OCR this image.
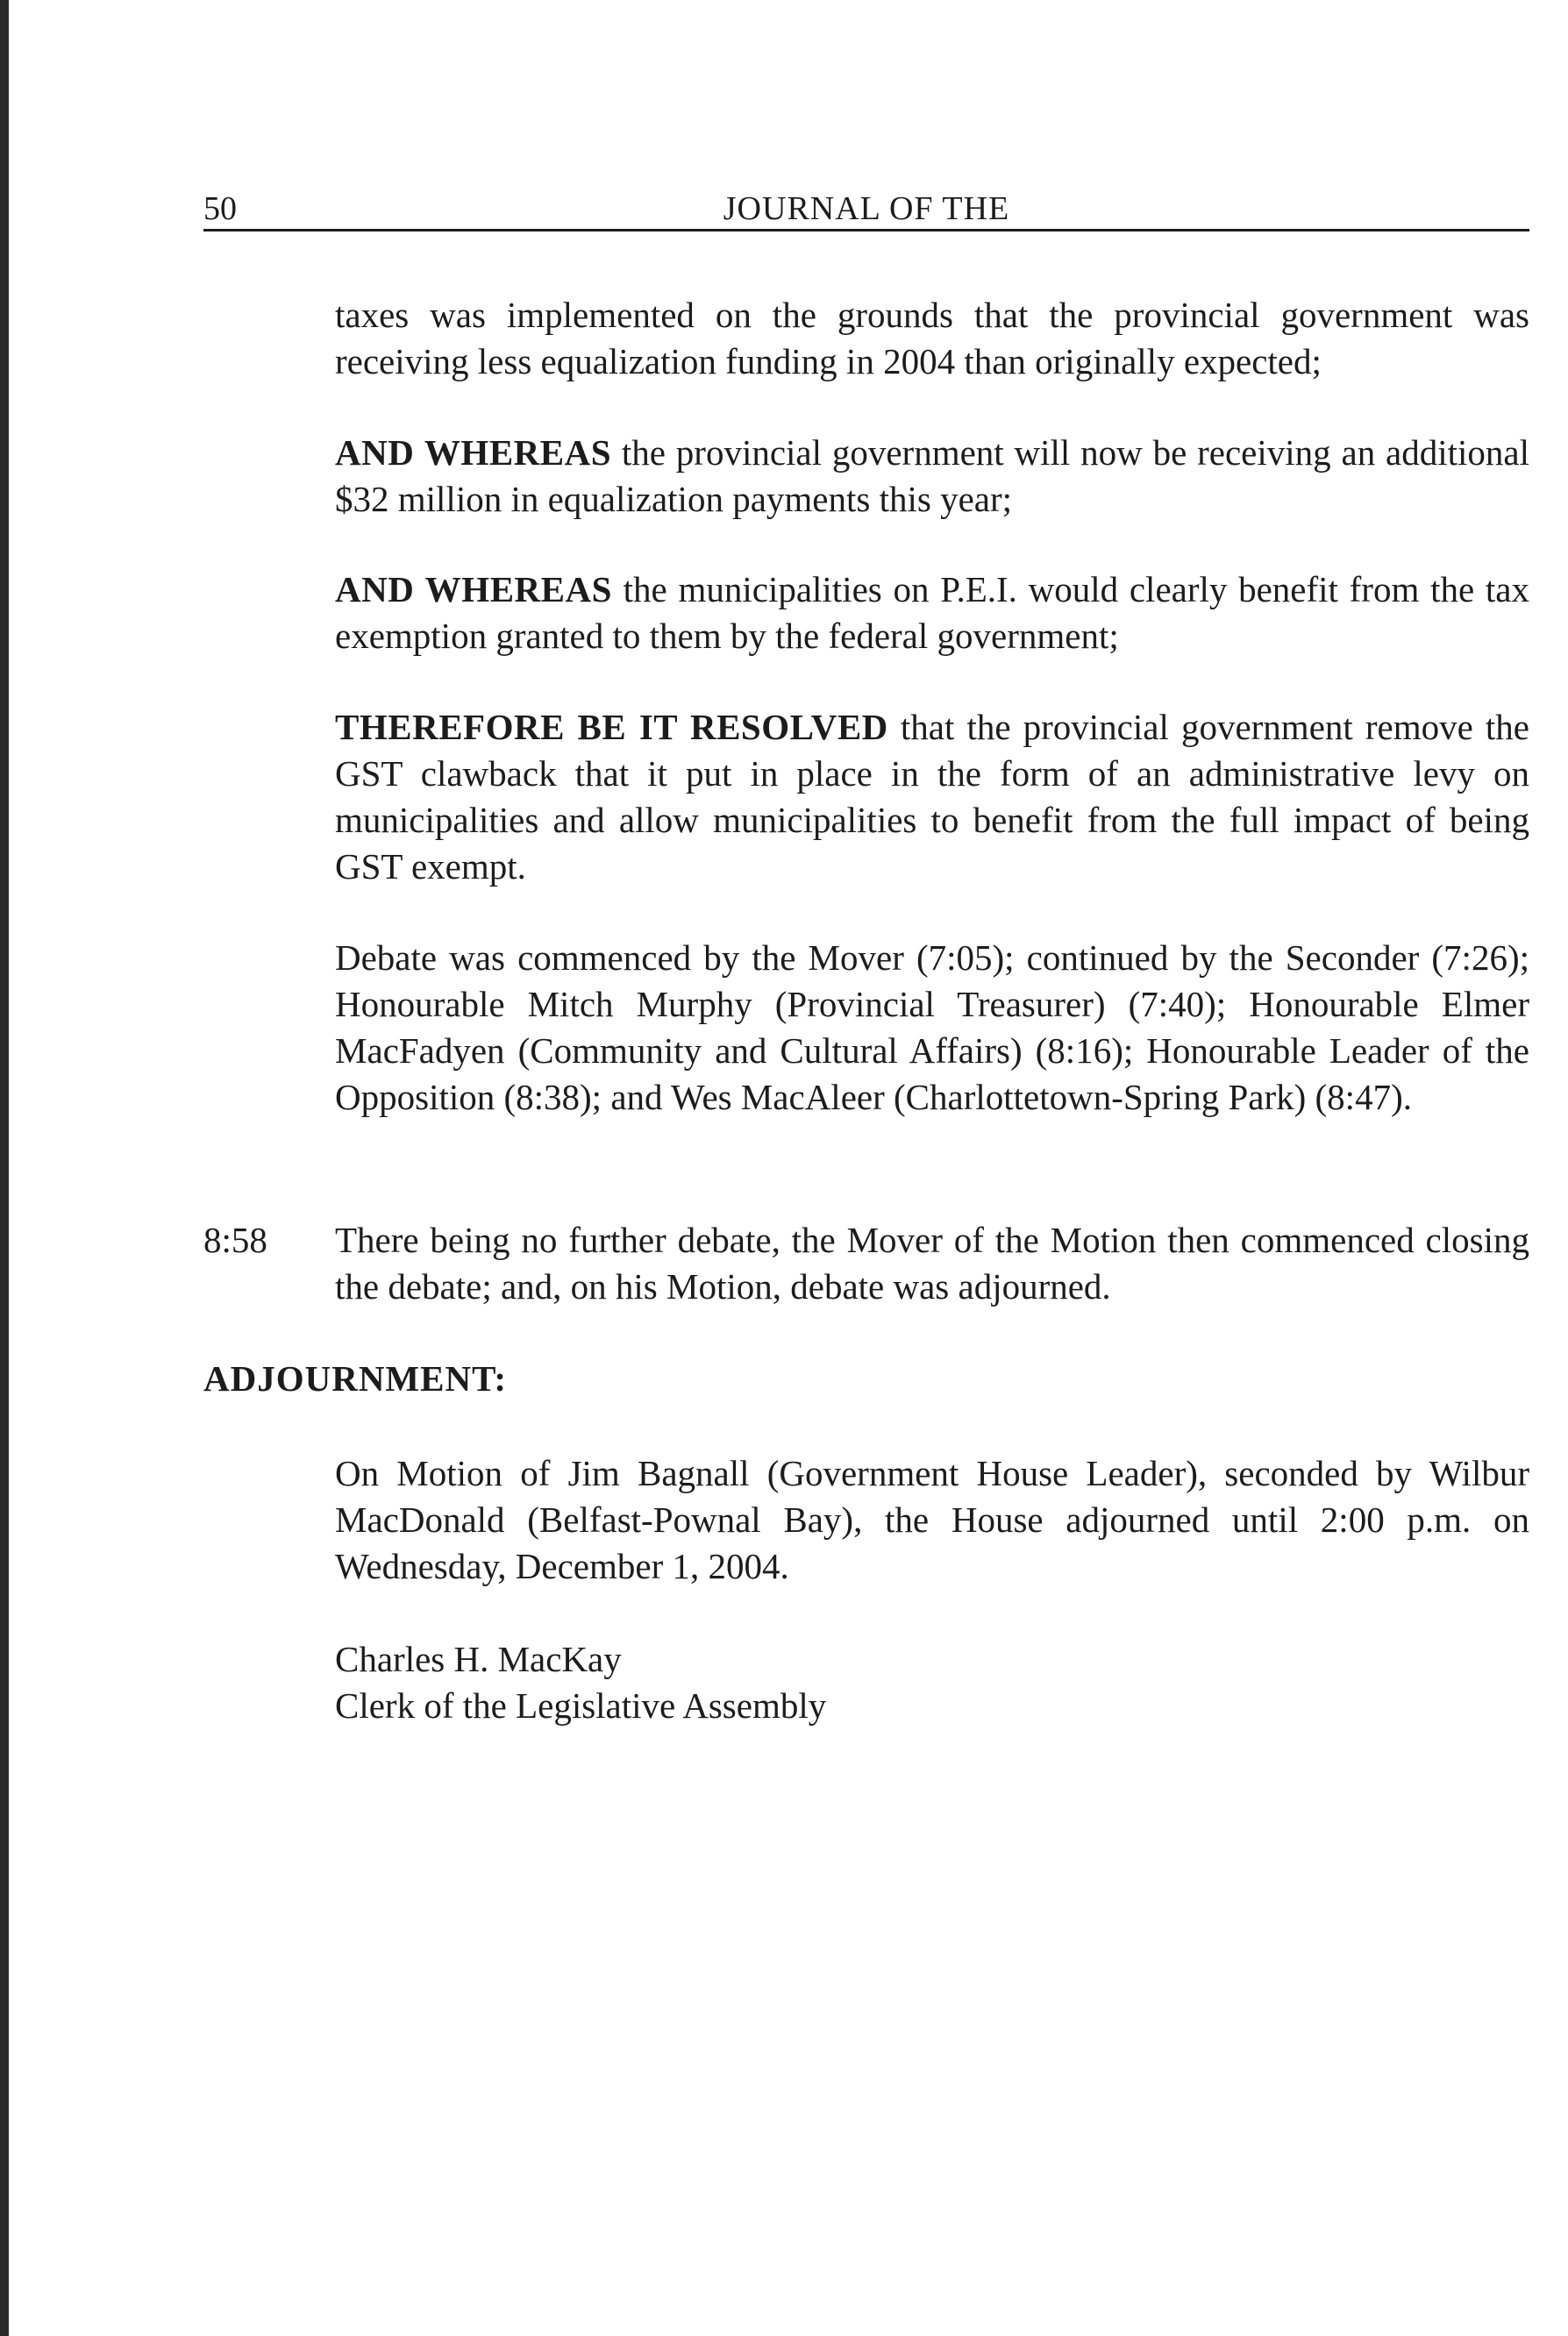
50	JOURNAL OF THE

taxes was implemented on the grounds that the provincial government was receiving less equalization funding in 2004 than originally expected;

AND WHEREAS the provincial government will now be receiving an additional $32 million in equalization payments this year;

AND WHEREAS the municipalities on P.E.I. would clearly benefit from the tax exemption granted to them by the federal government;

THEREFORE BE IT RESOLVED that the provincial government remove the GST clawback that it put in place in the form of an administrative levy on municipalities and allow municipalities to benefit from the full impact of being GST exempt.

Debate was commenced by the Mover (7:05); continued by the Seconder (7:26); Honourable Mitch Murphy (Provincial Treasurer) (7:40); Honourable Elmer MacFadyen (Community and Cultural Affairs) (8:16); Honourable Leader of the Opposition (8:38); and Wes MacAleer (Charlottetown-Spring Park) (8:47).

8:58 There being no further debate, the Mover of the Motion then commenced closing the debate; and, on his Motion, debate was adjourned.

ADJOURNMENT:

On Motion of Jim Bagnall (Government House Leader), seconded by Wilbur MacDonald (Belfast-Pownal Bay), the House adjourned until 2:00 p.m. on Wednesday, December 1, 2004.

Charles H. MacKay
Clerk of the Legislative Assembly
